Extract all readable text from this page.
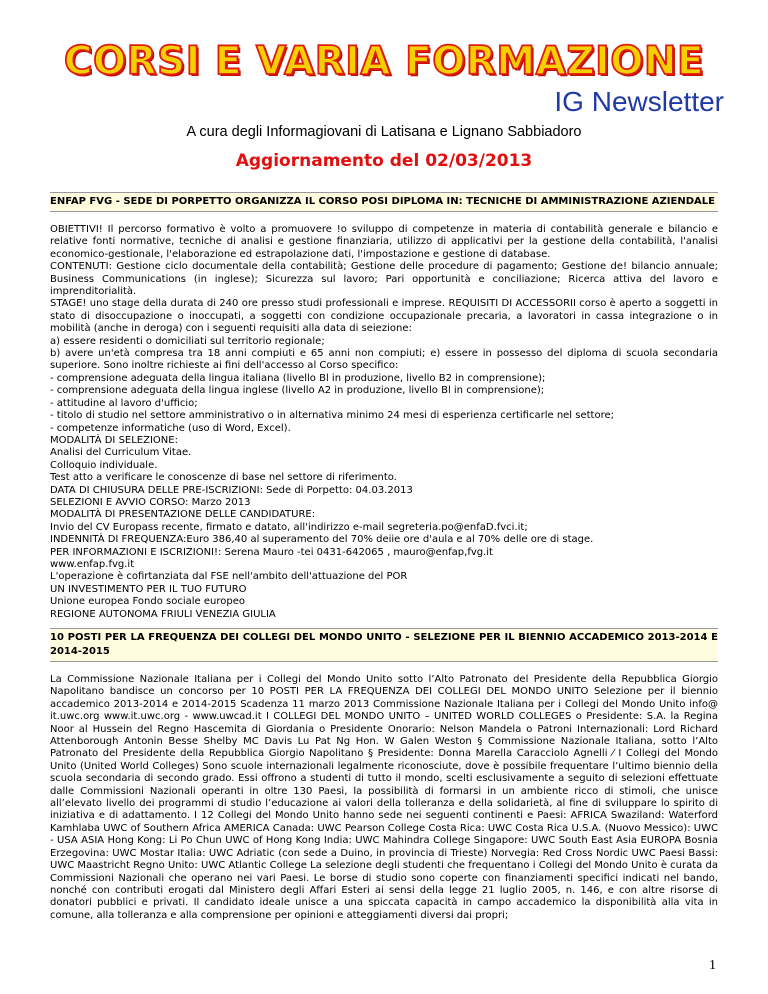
CORSI E VARIA FORMAZIONE
IG Newsletter
A cura degli Informagiovani di Latisana e Lignano Sabbiadoro
Aggiornamento del 02/03/2013
ENFAP FVG - SEDE DI PORPETTO ORGANIZZA IL CORSO POSI DIPLOMA IN: TECNICHE DI AMMINISTRAZIONE AZIENDALE
OBIETTIVI! Il percorso formativo è volto a promuovere !o sviluppo di competenze in materia di contabilità generale e bilancio e relative fonti normative, tecniche di analisi e gestione finanziaria, utilizzo di applicativi per la gestione della contabilità, l'analisi economico-gestionale, l'elaborazione ed estrapolazione dati, l'impostazione e gestione di database.
CONTENUTI: Gestione ciclo documentale della contabilità; Gestione delle procedure di pagamento; Gestione de! bilancio annuale; Business Communications (in inglese); Sicurezza sul lavoro; Pari opportunità e conciliazione; Ricerca attiva del lavoro e imprenditorialità.
STAGE! uno stage della durata di 240 ore presso studi professionali e imprese. REQUISITI DI ACCESSORII corso è aperto a soggetti in stato di disoccupazione o inoccupati, a soggetti con condizione occupazionale precaria, a lavoratori in cassa integrazione o in mobilità (anche in deroga) con i seguenti requisiti alla data di seiezione:
a) essere residenti o domiciliati sul territorio regionale;
b) avere un'età compresa tra 18 anni compiuti e 65 anni non compiuti; e) essere in possesso del diploma di scuola secondaria superiore. Sono inoltre richieste ai fini dell'accesso al Corso specifico:
- comprensione adeguata della lingua italiana (livello Bl in produzione, livello B2 in comprensione);
- comprensione adeguata della lingua inglese (livello A2 in produzione, livello Bl in comprensione);
- attitudine al lavoro d'ufficio;
- titolo di studio nel settore amministrativo o in alternativa minimo 24 mesi di esperienza certificarle nel settore;
- competenze informatiche (uso di Word, Excel).
MODALITÀ DI SELEZIONE:
Analisi del Curriculum Vitae.
Colloquio individuale.
Test atto a verificare le conoscenze di base nel settore di riferimento.
DATA DI CHIUSURA DELLE PRE-ISCRIZIONI: Sede di Porpetto: 04.03.2013
SELEZIONI E AVVIO CORSO: Marzo 2013
MODALITÀ DI PRESENTAZIONE DELLE CANDIDATURE:
Invio del CV Europass recente, firmato e datato, all'indirizzo e-mail segreteria.po@enfaD.fvci.it;
INDENNITÀ DI FREQUENZA:Euro 386,40 al superamento del 70% deiie ore d'aula e al 70% delle ore di stage.
PER INFORMAZIONI E ISCRIZIONI!: Serena Mauro -tei 0431-642065 , mauro@enfap,fvg.it
www.enfap.fvg.it
L'operazione è cofirtanziata dal FSE nell'ambito dell'attuazione del POR
UN INVESTIMENTO PER IL TUO FUTURO
Unione europea Fondo sociale europeo
REGIONE AUTONOMA FRIULI VENEZIA GIULIA
10 POSTI PER LA FREQUENZA DEI COLLEGI DEL MONDO UNITO - SELEZIONE PER IL BIENNIO ACCADEMICO 2013-2014 E 2014-2015
La Commissione Nazionale Italiana per i Collegi del Mondo Unito sotto l’Alto Patronato del Presidente della Repubblica Giorgio Napolitano bandisce un concorso per 10 POSTI PER LA FREQUENZA DEI COLLEGI DEL MONDO UNITO Selezione per il biennio accademico 2013-2014 e 2014-2015 Scadenza 11 marzo 2013 Commissione Nazionale Italiana per i Collegi del Mondo Unito info@ it.uwc.org www.it.uwc.org - www.uwcad.it I COLLEGI DEL MONDO UNITO – UNITED WORLD COLLEGES o Presidente: S.A. la Regina Noor al Hussein del Regno Hascemita di Giordania o Presidente Onorario: Nelson Mandela o Patroni Internazionali: Lord Richard Attenborough Antonin Besse Shelby MC Davis Lu Pat Ng Hon. W Galen Weston § Commissione Nazionale Italiana, sotto l’Alto Patronato del Presidente della Repubblica Giorgio Napolitano § Presidente: Donna Marella Caracciolo Agnelli ⁄ I Collegi del Mondo Unito (United World Colleges) Sono scuole internazionali legalmente riconosciute, dove è possibile frequentare l’ultimo biennio della scuola secondaria di secondo grado. Essi offrono a studenti di tutto il mondo, scelti esclusivamente a seguito di selezioni effettuate dalle Commissioni Nazionali operanti in oltre 130 Paesi, la possibilità di formarsi in un ambiente ricco di stimoli, che unisce all’elevato livello dei programmi di studio l’educazione ai valori della tolleranza e della solidarietà, al fine di sviluppare lo spirito di iniziativa e di adattamento. I 12 Collegi del Mondo Unito hanno sede nei seguenti continenti e Paesi: AFRICA Swaziland: Waterford Kamhlaba UWC of Southern Africa AMERICA Canada: UWC Pearson College Costa Rica: UWC Costa Rica U.S.A. (Nuovo Messico): UWC - USA ASIA Hong Kong: Li Po Chun UWC of Hong Kong India: UWC Mahindra College Singapore: UWC South East Asia EUROPA Bosnia Erzegovina: UWC Mostar Italia: UWC Adriatic (con sede a Duino, in provincia di Trieste) Norvegia: Red Cross Nordic UWC Paesi Bassi: UWC Maastricht Regno Unito: UWC Atlantic College La selezione degli studenti che frequentano i Collegi del Mondo Unito è curata da Commissioni Nazionali che operano nei vari Paesi. Le borse di studio sono coperte con finanziamenti specifici indicati nel bando, nonché con contributi erogati dal Ministero degli Affari Esteri ai sensi della legge 21 luglio 2005, n. 146, e con altre risorse di donatori pubblici e privati. Il candidato ideale unisce a una spiccata capacità in campo accademico la disponibilità alla vita in comune, alla tolleranza e alla comprensione per opinioni e atteggiamenti diversi dai propri;
1
